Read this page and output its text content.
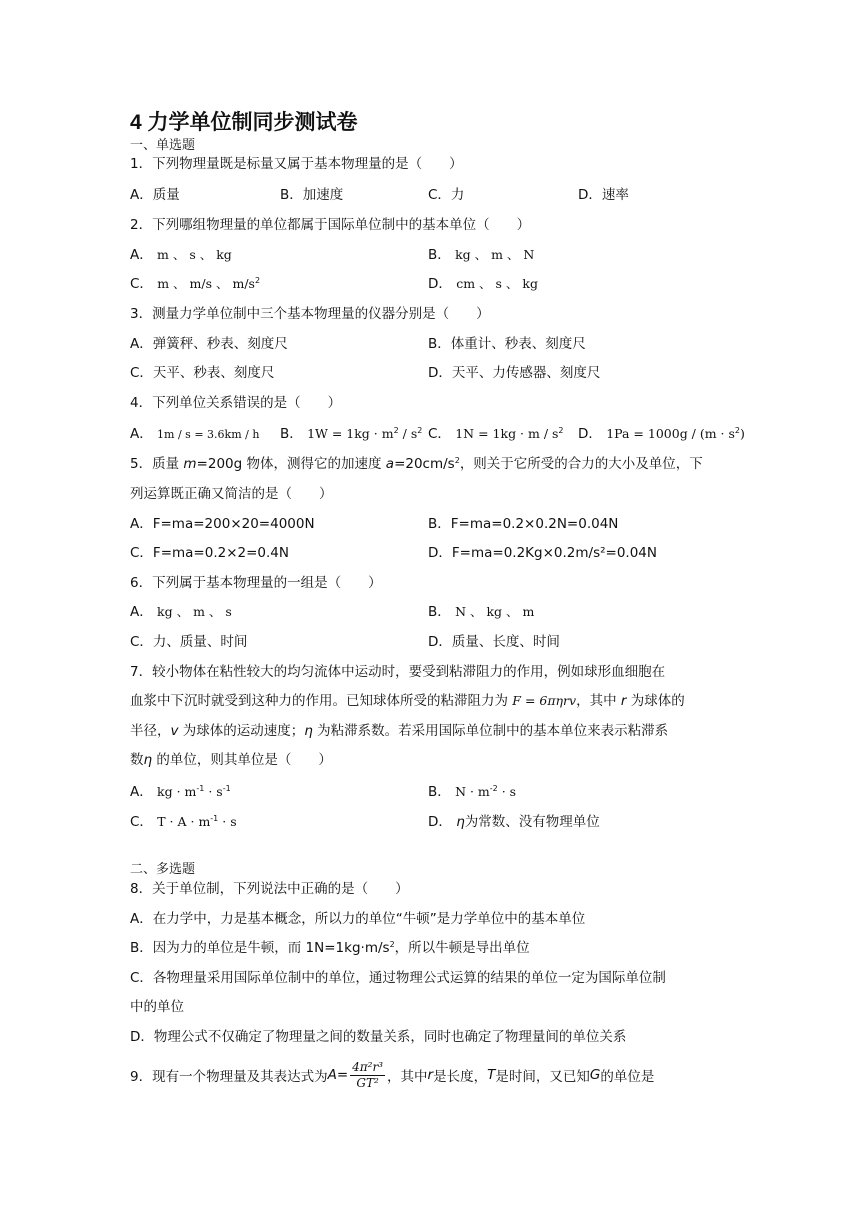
4 力学单位制同步测试卷
一、单选题
1．下列物理量既是标量又属于基本物理量的是（　　）
A．质量	B．加速度	C．力	D．速率
2．下列哪组物理量的单位都属于国际单位制中的基本单位（　　）
A． m 、 s 、 kg	B． kg 、 m 、 N
C． m 、 m/s 、 $m/s^2$	D． cm 、 s 、 kg
3．测量力学单位制中三个基本物理量的仪器分别是（　　）
A．弹簧秤、秒表、刻度尺	B．体重计、秒表、刻度尺
C．天平、秒表、刻度尺	D．天平、力传感器、刻度尺
4．下列单位关系错误的是（　　）
A． 1m / s = 3.6km / h B． $1W = 1kg \cdot m^2 / s^2$ C． $1N = 1kg \cdot m / s^2$ D． $1Pa = 1000g / (m \cdot s^2)$
5．质量 m=200g 物体，测得它的加速度 $a=20cm/s^2$，则关于它所受的合力的大小及单位，下
列运算既正确又简洁的是（　　）
A．F=ma=200×20=4000N	B．F=ma=0.2×0.2N=0.04N
C．F=ma=0.2×2=0.4N	D．F=ma=0.2Kg×0.2m/s²=0.04N
6．下列属于基本物理量的一组是（　　）
A． kg 、 m 、 s	B． N 、 kg 、 m
C．力、质量、时间	D．质量、长度、时间
7．较小物体在粘性较大的均匀流体中运动时，要受到粘滞阻力的作用，例如球形血细胞在
血浆中下沉时就受到这种力的作用。已知球体所受的粘滞阻力为 F = 6πηrv，其中 r 为球体的
半径，v 为球体的运动速度；η 为粘滞系数。若采用国际单位制中的基本单位来表示粘滞系
数η 的单位，则其单位是（　　）
A． kg · $m^{-1} \cdot s^{-1}$	B． $N \cdot m^{-2} \cdot s$
C． $T \cdot A \cdot m^{-1} \cdot s$	D． η为常数、没有物理单位
二、多选题
8．关于单位制，下列说法中正确的是（　　）
A．在力学中，力是基本概念，所以力的单位“牛顿”是力学单位中的基本单位
B．因为力的单位是牛顿，而 $1N=1kg\cdot m/s^2$，所以牛顿是导出单位
C．各物理量采用国际单位制中的单位，通过物理公式运算的结果的单位一定为国际单位制
中的单位
D．物理公式不仅确定了物理量之间的数量关系，同时也确定了物理量间的单位关系
9．现有一个物理量及其表达式为 $A = \frac{\text{4π²r³}}{\text{GT²}}$ ，其中 r 是长度， T 是时间，又已知 G 的单位是
